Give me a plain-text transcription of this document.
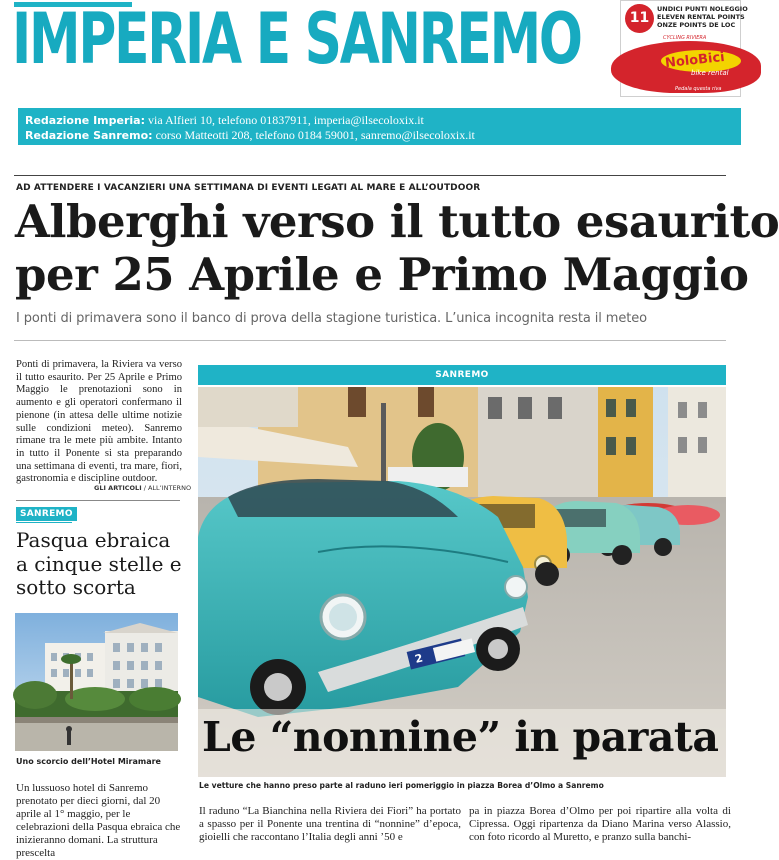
IMPERIA E SANREMO	11
UNDICI PUNTI NOLEGGIO
ELEVEN RENTAL POINTS
ONZE POINTS DE LOC
CYCLING RIVIERA
NoloBici
bike rental
Pedala questa riva
Redazione Imperia: via Alfieri 10, telefono 01837911, imperia@ilsecoloxix.it
Redazione Sanremo: corso Matteotti 208, telefono 0184 59001, sanremo@ilsecoloxix.it
AD ATTENDERE I VACANZIERI UNA SETTIMANA DI EVENTI LEGATI AL MARE E ALL’OUTDOOR
Alberghi verso il tutto esaurito
per 25 Aprile e Primo Maggio
I ponti di primavera sono il banco di prova della stagione turistica. L’unica incognita resta il meteo
Ponti di primavera, la Riviera va verso il tutto esaurito. Per 25 Aprile e Primo Maggio le prenotazioni sono in aumento e gli operatori confermano il pienone (in attesa delle ultime notizie sulle condizioni meteo). Sanremo rimane tra le mete più ambite. Intanto in tutto il Ponente si sta preparando una settimana di eventi, tra mare, fiori, gastronomia e discipline outdoor.
GLI ARTICOLI / ALL’INTERNO
SANREMO
Pasqua ebraica a cinque stelle e sotto scorta
Uno scorcio dell’Hotel Miramare
Un lussuoso hotel di Sanremo prenotato per dieci giorni, dal 20 aprile al 1° maggio, per le celebrazioni della Pasqua ebraica che inizieranno domani. La struttura prescelta
SANREMO
2
Le “nonnine” in parata
Le vetture che hanno preso parte al raduno ieri pomeriggio in piazza Borea d’Olmo a Sanremo
Il raduno “La Bianchina nella Riviera dei Fiori” ha portato a spasso per il Ponente una trentina di “nonnine” d’epoca, gioielli che raccontano l’Italia degli anni ’50 e
pa in piazza Borea d’Olmo per poi ripartire alla volta di Cipressa. Oggi ripartenza da Diano Marina verso Alassio, con foto ricordo al Muretto, e pranzo sulla banchi-
